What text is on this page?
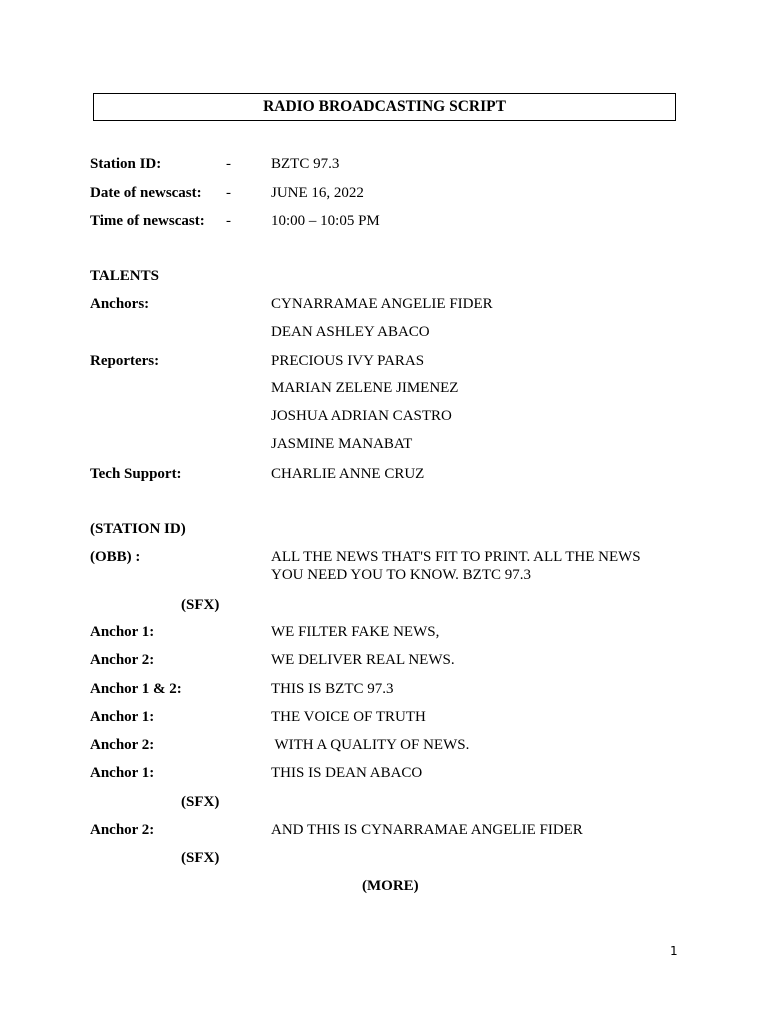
RADIO BROADCASTING SCRIPT
Station ID:	-	BZTC 97.3
Date of newscast: -	JUNE 16, 2022
Time of newscast: -	10:00 – 10:05 PM
TALENTS
Anchors:	CYNARRAMAE ANGELIE FIDER
DEAN ASHLEY ABACO
Reporters:	PRECIOUS IVY PARAS
MARIAN ZELENE JIMENEZ
JOSHUA ADRIAN CASTRO
JASMINE MANABAT
Tech Support:	CHARLIE ANNE CRUZ
(STATION ID)
(OBB) :	ALL THE NEWS THAT'S FIT TO PRINT. ALL THE NEWS YOU NEED YOU TO KNOW. BZTC 97.3
(SFX)
Anchor 1:	WE FILTER FAKE NEWS,
Anchor 2:	WE DELIVER REAL NEWS.
Anchor 1 & 2:	THIS IS BZTC 97.3
Anchor 1:	THE VOICE OF TRUTH
Anchor 2:	WITH A QUALITY OF NEWS.
Anchor 1:	THIS IS DEAN ABACO
(SFX)
Anchor 2:	AND THIS IS CYNARRAMAE ANGELIE FIDER
(SFX)
(MORE)
1
